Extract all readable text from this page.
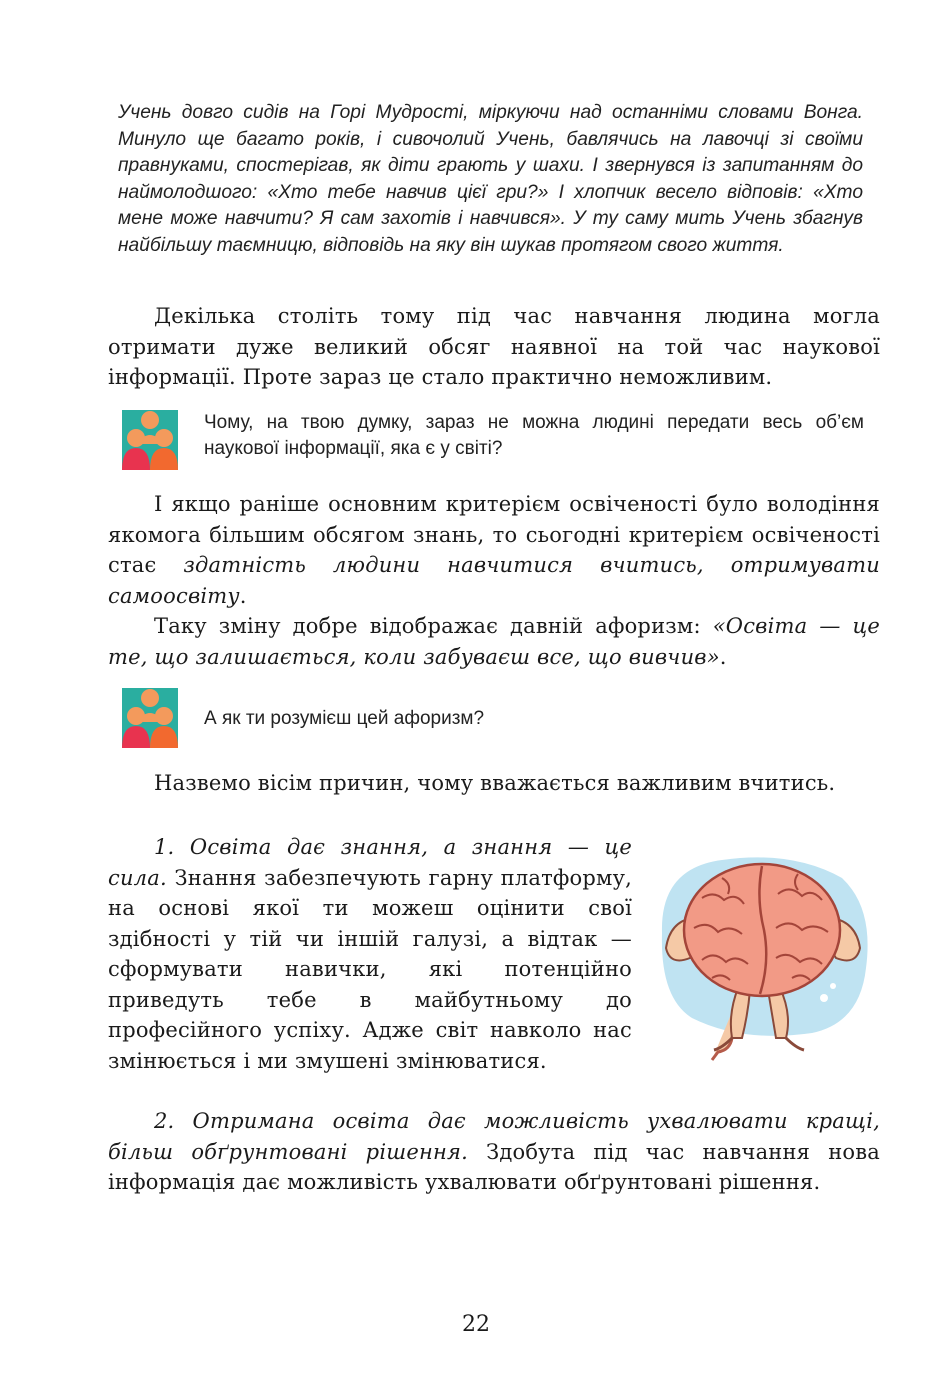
Учень довго сидів на Горі Мудрості, міркуючи над останніми словами Вонга. Минуло ще багато років, і сивочолий Учень, бавлячись на лавочці зі своїми правнуками, спостерігав, як діти грають у шахи. І звернувся із запитанням до наймолодшого: «Хто тебе навчив цієї гри?» І хлопчик весело відповів: «Хто мене може навчити? Я сам захотів і навчився». У ту саму мить Учень збагнув найбільшу таємницю, відповідь на яку він шукав протягом свого життя.

Декілька століть тому під час навчання людина могла отримати дуже великий обсяг наявної на той час наукової інформації. Проте зараз це стало практично неможливим.

Чому, на твою думку, зараз не можна людині передати весь об’єм наукової інформації, яка є у світі?

І якщо раніше основним критерієм освіченості було володіння якомога більшим обсягом знань, то сьогодні критерієм освіченості стає здатність людини навчитися вчитись, отримувати самоосвіту.

Таку зміну добре відображає давній афоризм: «Освіта — це те, що залишається, коли забуваєш все, що вивчив».

А як ти розумієш цей афоризм?

Назвемо вісім причин, чому вважається важливим вчитись.

1. Освіта дає знання, а знання — це сила. Знання забезпечують гарну платформу, на основі якої ти можеш оцінити свої здібності у тій чи іншій галузі, а відтак — сформувати навички, які потенційно приведуть тебе в майбутньому до професійного успіху. Адже світ навколо нас змінюється і ми змушені змінюватися.

2. Отримана освіта дає можливість ухвалювати кращі, більш обґрунтовані рішення. Здобута під час навчання нова інформація дає можливість ухвалювати обґрунтовані рішення.

22
